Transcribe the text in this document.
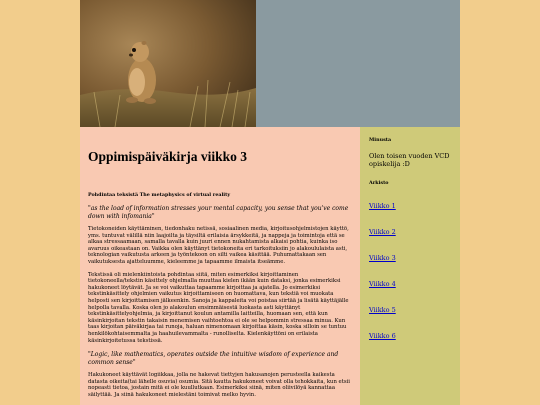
Oppimispäiväkirja viikko 3
Pohdintaa teksistä The metaphysics of virtual reality
"as the load of information stresses your mental capacity, you sense that you've come down with infomania"
Tietokoneiden käyttäminen, tiedonhaku netissä, sosiaalinen media, kirjoitusohjelmistojen käyttö, yms. tuntuvat välillä niin laajoilta ja täysiltä erilaisia ärsykkeitä, ja nappeja ja toimintoja että se alkaa stressaamaan, samalla tavalla kuin juuri ennen nukahtamista alkaisi pohtia, kuinka iso avaruus oikeastaan on. Vaikka olen käyttänyt tietokoneita eri tarkoituksiin jo alakoululaista asti, teknologian vaikutusta arkeen ja työntekoon on silti vaikea käsittää. Puhumattakaan sen vaikutuksesta ajatteluumme, kieleemme ja tapaamme ilmaista itseämme.
Tekstissä oli mielenkiintoista pohdintaa siitä, miten esimerkiksi kirjoittaminen tietokoneella/tekstin käsittely ohjelmalla muuttaa kielen ikään kuin dataksi, jonka esimerkiksi hakukoneet löytävät. Ja se voi vaikuttaa tapaamme kirjoittaa ja ajatella. Jo esimerkiksi tekstinkäsittely ohjelmien vaikutus kirjoittamiseen on huomattava, kun tekstiä voi muokata helposti sen kirjoittamisen jälkeenkin. Sanoja ja kappaleita voi poistaa siirtää ja lisätä käyttäjälle helpolla tavalla. Koska olen jo alakoulun ensimmäisestä luokasta asti käyttänyt tekstinkäsittelyohjelmia, ja kirjoittanut koulun antamilla laitteilla, huomaan sen, että kun käsinkirjoitan tekstin takaisin menemisen vaihtoehtoa ei ole se helpommin stressaa minua. Kun taas kirjoitan päiväkirjaa tai runoja, haluan nimenomaan kirjoittaa käsin, koska silloin se tuntuu henkilökohtaisemmalta ja haahuilevammalta - runolliselta. Kielenkäyttöni on erilaista käsinkirjoitetussa tekstissä.
"Logic, like mathematics, operates outside the intuitive wisdom of experience and common sense"
Hakukoneet käyttävät logiikkaa, jolla ne hakevat tiettyjen hakusanojen perusteella kaikesta datasta oikeita(tai lähelle osuvia) osumia. Sitä kautta hakukoneet voivat olla tehokkaita, kun etsii nopeasti tietoa, jostain mitä ei ole kuullutkaan. Esimerkiksi siinä, miten oliivilöyä kannattaa säilyttää. Ja siinä hakukoneet mielestäni toimivat melko hyvin.
Minusta
Olen toisen vuoden VCD opiskelija :D
Arkisto
Viikko 1
Viikko 2
Viikko 3
Viikko 4
Viikko 5
Viikko 6
